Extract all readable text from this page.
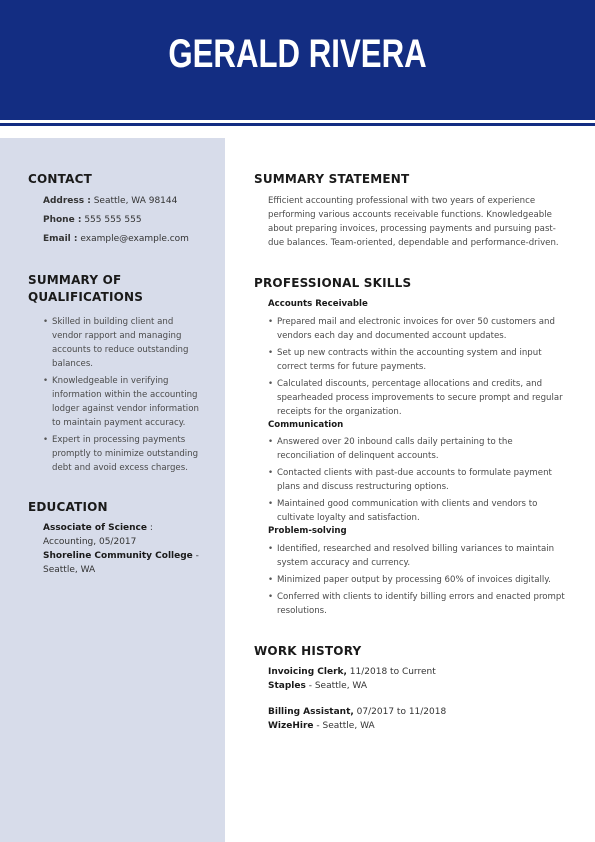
GERALD RIVERA
CONTACT
Address : Seattle, WA 98144
Phone : 555 555 555
Email : example@example.com
SUMMARY OF
QUALIFICATIONS
• Skilled in building client and vendor rapport and managing accounts to reduce outstanding balances.
• Knowledgeable in verifying information within the accounting lodger against vendor information to maintain payment accuracy.
• Expert in processing payments promptly to minimize outstanding debt and avoid excess charges.
EDUCATION
Associate of Science :
Accounting, 05/2017
Shoreline Community College -
Seattle, WA
SUMMARY STATEMENT
Efficient accounting professional with two years of experience performing various accounts receivable functions. Knowledgeable about preparing invoices, processing payments and pursuing past-due balances. Team-oriented, dependable and performance-driven.
PROFESSIONAL SKILLS
Accounts Receivable
• Prepared mail and electronic invoices for over 50 customers and vendors each day and documented account updates.
• Set up new contracts within the accounting system and input correct terms for future payments.
• Calculated discounts, percentage allocations and credits, and spearheaded process improvements to secure prompt and regular receipts for the organization.
Communication
• Answered over 20 inbound calls daily pertaining to the reconciliation of delinquent accounts.
• Contacted clients with past-due accounts to formulate payment plans and discuss restructuring options.
• Maintained good communication with clients and vendors to cultivate loyalty and satisfaction.
Problem-solving
• Identified, researched and resolved billing variances to maintain system accuracy and currency.
• Minimized paper output by processing 60% of invoices digitally.
• Conferred with clients to identify billing errors and enacted prompt resolutions.
WORK HISTORY
Invoicing Clerk, 11/2018 to Current
Staples - Seattle, WA
Billing Assistant, 07/2017 to 11/2018
WizeHire - Seattle, WA
